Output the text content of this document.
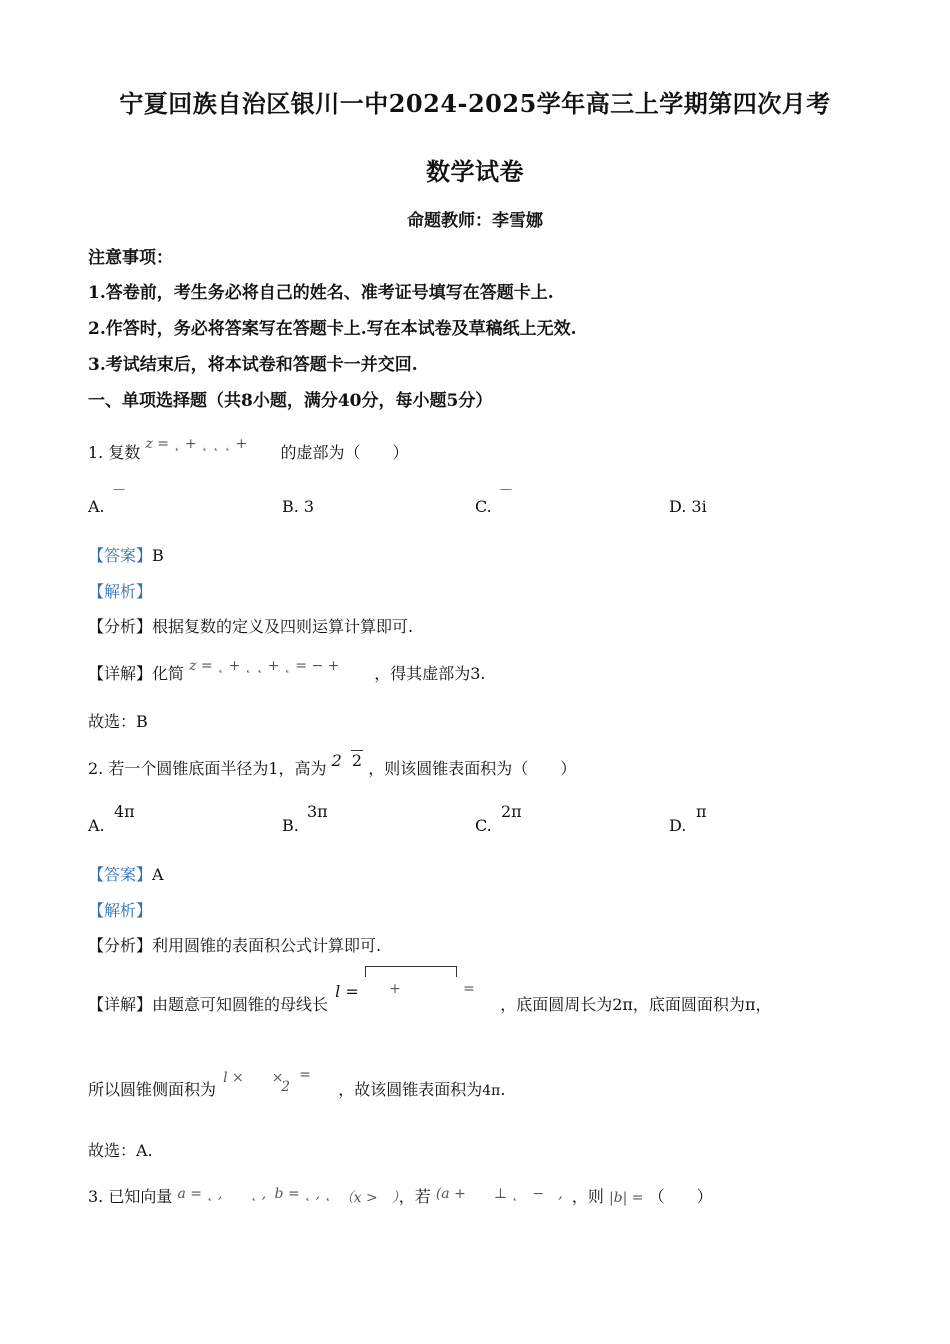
宁夏回族自治区银川一中2024-2025学年高三上学期第四次月考
数学试卷
命题教师：李雪娜
注意事项：
1.答卷前，考生务必将自己的姓名、准考证号填写在答题卡上.
2.作答时，务必将答案写在答题卡上.写在本试卷及草稿纸上无效.
3.考试结束后，将本试卷和答题卡一并交回.
一、单项选择题（共8小题，满分40分，每小题5分）
1. 复数 z = ˛ + ˛ ˛ ˛ + 的虚部为（　　）
A.
—
B. 3	C.
—
D. 3i
【答案】B
【解析】
【分析】根据复数的定义及四则运算计算即可.
【详解】化简 z = ˛ + ˛ ˛ + ˛ = − + ，得其虚部为3.
故选：B
2. 若一个圆锥底面半径为1，高为 2 2 ，则该圆锥表面积为（　　）
A.
4π
B.
3π
C.
2π
D.
π
【答案】A
【解析】
【分析】利用圆锥的表面积公式计算即可.
【详解】由题意可知圆锥的母线长
l = +	=
，底面圆周长为2π，底面圆面积为π，
所以圆锥侧面积为
l ×　　×
2
=
，故该圆锥表面积为4π.
故选：A.
3. 已知向量 a = ˛ ,　　˛ , b = ˛ , ˛ （x >　），若 (a +　　⊥ ˛　−　, ，则 |b| = （　　）
